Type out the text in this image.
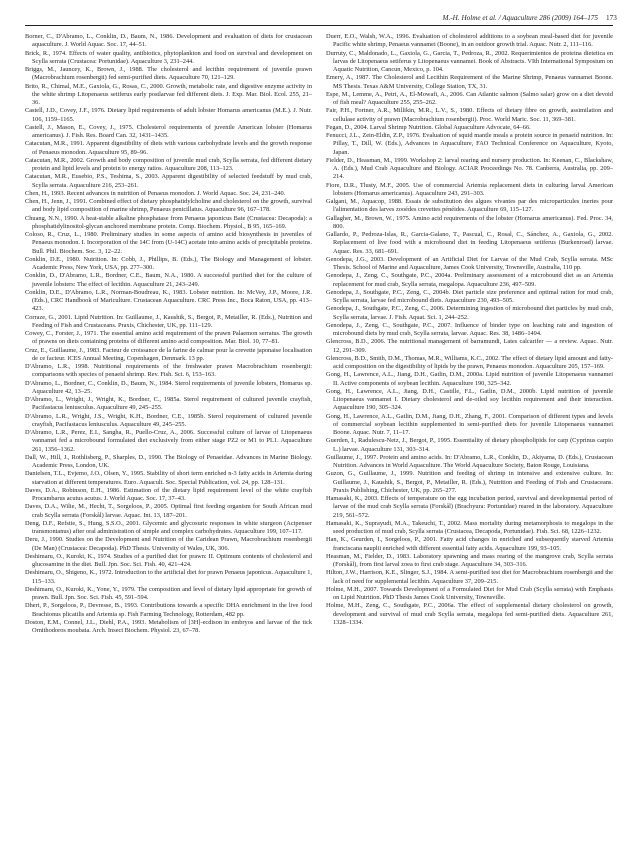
M.-H. Holme et al. / Aquaculture 286 (2009) 164–175 173

Borner, C., D'Abramo, L., Conklin, D., Baum, N., 1986. Development and evaluation of diets for crustacean aquaculture. J. World Aquac. Soc. 17, 44–51.

Brick, R., 1974. Effects of water quality, antibiotics, phytoplankton and food on survival and development on Scylla serrata (Crustacea: Portunidae). Aquaculture 3, 231–244.

Briggs, M., Jauncey, K., Brown, J., 1988. The cholesterol and lecithin requirement of juvenile prawn (Macrobrachium rosenbergii) fed semi-purified diets. Aquaculture 70, 121–129.

Brito, R., Chimal, M.E., Gaxiola, G., Rosas, C., 2000. Growth, metabolic rate, and digestive enzyme activity in the white shrimp Litopenaeus setiferus early postlarvae fed different diets. J. Exp. Mar. Biol. Ecol. 255, 21–36.

Castell, J.D., Covey, J.F., 1976. Dietary lipid requirements of adult lobster Homarus americanus (M.E.). J. Nutr. 106, 1159–1165.

Castell, J., Mason, E., Covey, J., 1975. Cholesterol requirements of juvenile American lobster (Homarus americanus). J. Fish. Res. Board Can. 32, 1431–1435.

Catacutan, M.R., 1991. Apparent digestibility of diets with various carbohydrate levels and the growth response of Penaeus monodon. Aquaculture 95, 89–96.

Catacutan, M.R., 2002. Growth and body composition of juvenile mud crab, Scylla serrata, fed different dietary protein and lipid levels and protein to energy ratios. Aquaculture 208, 113–123.

Catacutan, M.R., Eusebio, P.S., Teshima, S., 2003. Apparent digestibility of selected feedstuff by mud crab, Scylla serrata. Aquaculture 216, 253–261.

Chen, H., 1993. Recent advances in nutrition of Penaeus monodon. J. World Aquac. Soc. 24, 231–240.

Chen, H., Jenn, J., 1991. Combined effect of dietary phosphatidylcholine and cholesterol on the growth, survival and body lipid composition of marine shrimp, Penaeus penicillatus. Aquaculture 96, 167–178.

Chuang, N.N., 1990. A heat-stable alkaline phosphatase from Penaeus japonicus Bate (Crustacea: Decapoda): a phosphatidylinositol-glycan anchored membrane protein. Comp. Biochem. Physiol., B 95, 165–169.

Coloso, R., Cruz, L., 1980. Preliminary studies in some aspects of amino acid biosynthesis in juveniles of Penaeus monodon. I. Incorporation of the 14C from (U-14C) acetate into amino acids of precipitable proteins. Bull. Phil. Biochem. Soc. 3, 12–22.

Conklin, D.E., 1980. Nutrition. In: Cobb, J., Phillips, B. (Eds.), The Biology and Management of lobster. Academic Press, New York, USA, pp. 277–300.

Conklin, D., D'Abramo, L.R., Bordner, C.E., Baum, N.A., 1980. A successful purified diet for the culture of juvenile lobsters: The effect of lecithin. Aquaculture 21, 243–249.

Conklin, D.E., D'Abramo, L.R., Norman-Boudreau, K., 1983. Lobster nutrition. In: McVey, J.P., Moore, J.R. (Eds.), CRC Handbook of Mariculture. Crustacean Aquaculture. CRC Press Inc., Boca Raton, USA, pp. 413–423.

Corraze, G., 2001. Lipid Nutrition. In: Guillaume, J., Kaushik, S., Bergot, P., Metailler, R. (Eds.), Nutrition and Feeding of Fish and Crustaceans. Praxis, Chichester, UK, pp. 111–129.

Cowey, C., Forster, J., 1971. The essential amino acid requirement of the prawn Palaemon serratus. The growth of prawns on diets containing proteins of different amino acid composition. Mar. Biol. 10, 77–81.

Cruz, E., Guillaume, J., 1983. Facteur de croissance de la farine de calmar pour la crevette japonaise localisation de ce facteur. ICES Annual Meeting, Copenhagen, Denmark. 13 pp.

D'Abramo, L.R., 1998. Nutritional requirements of the freshwater prawn Macrobrachium rosenbergii: comparisons with species of penaeid shrimp. Rev. Fish. Sci. 6, 153–163.

D'Abramo, L., Bordner, C., Conklin, D., Baum, N., 1984. Sterol requirements of juvenile lobsters, Homarus sp. Aquaculture 42, 13–25.

D'Abramo, L., Wright, J., Wright, K., Bordner, C., 1985a. Sterol requirement of cultured juvenile crayfish, Pacifastacus leniusculus. Aquaculture 49, 245–255.

D'Abramo, L.R., Wright, J.S., Wright, K.H., Bordner, C.E., 1985b. Sterol requirement of cultured juvenile crayfish, Pacifastacus leniusculus. Aquaculture 49, 245–255.

D'Abramo, L.R., Perez, E.I., Sangha, R., Puello-Cruz, A., 2006. Successful culture of larvae of Litopenaeus vannamei fed a microbound formulated diet exclusively from either stage PZ2 or M1 to PL1. Aquaculture 261, 1356–1362.

Dall, W., Hill, J., Rothlisberg, P., Sharples, D., 1990. The Biology of Penaeidae. Advances in Marine Biology. Academic Press, London, UK.

Danielsen, T.L., Evjemo, J.O., Olsen, Y., 1995. Stability of short term enriched n-3 fatty acids in Artemia during starvation at different temperatures. Euro. Aquacult. Soc. Special Publication, vol. 24, pp. 128–131.

Daves, D.A., Robinson, E.H., 1986. Estimation of the dietary lipid requirement level of the white crayfish Procambarus acutus acutus. J. World Aquac. Soc. 17, 37–43.

Daves, D.A., Wilie, M., Hecht, T., Sorgeloos, P., 2005. Optimal first feeding organism for South African mud crab Scylla serrata (Forskål) larvae. Aquac. Int. 13, 187–201.

Deng, D.F., Refstie, S., Hung, S.S.O., 2001. Glycemic and glycosuric responses in white sturgeon (Acipenser transmontanus) after oral administration of simple and complex carbohydrates. Aquaculture 199, 107–117.

Deru, J., 1990. Studies on the Development and Nutrition of the Caridean Prawn, Macrobrachium rosenbergii (De Man) (Crustacea: Decapoda). PhD Thesis. University of Wales, UK, 306.

Deshimaru, O., Kuroki, K., 1974. Studies of a purified diet for prawn: II. Optimum contents of cholesterol and glucosamine in the diet. Bull. Jpn. Soc. Sci. Fish. 40, 421–424.

Deshimaru, O., Shigeno, K., 1972. Introduction to the artificial diet for prawn Penaeus japonicus. Aquaculture 1, 115–133.

Deshimaru, O., Kuroki, K., Yone, Y., 1979. The composition and level of dietary lipid appropriate for growth of prawn. Bull. Jpn. Soc. Sci. Fish. 45, 591–594.

Dhert, P., Sorgeloos, P., Devresse, B., 1993. Contributions towards a specific DHA enrichment in the live food Brachionus plicatilis and Artemia sp. Fish Farming Technology, Rotterdam, 482 pp.

Doston, E.M., Connel, J.L., Diehl, P.A., 1993. Metabolism of [3H]-ecdison in embryos and larvae of the tick Ornithodoros moubata. Arch. Insect Biochem. Physiol. 23, 67–78.

Duerr, E.O., Walsh, W.A., 1996. Evaluation of cholesterol additions to a soybean meal-based diet for juvenile Pacific white shrimp, Penaeus vannamei (Boone), in an outdoor growth trial. Aquac. Nutr. 2, 111–116.

Durruty, C., Maldonado, L., Gaxiola, G., Garcia, T., Pedroza, R., 2002. Requerimientos de proteina dietetica en larvas de Litopenaeus setiferus y Litopenaeus vannamei. Book of Abstracts. VIth International Symposium on Aquatic Nutrition, Cancun, Mexico, p. 104.

Emery, A., 1987. The Cholesterol and Lecithin Requirement of the Marine Shrimp, Penaeus vannamei Boone. MS Thesis. Texas A&M University, College Station, TX, 31.

Espe, M., Lemme, A., Petri, A., El-Mowafi, A., 2006. Can Atlantic salmon (Salmo salar) grow on a diet devoid of fish meal? Aquaculture 255, 255–262.

Fair, P.H., Fortner, A.R., Millikin, M.R., L.V., S., 1980. Effects of dietary fibre on growth, assimilation and cellulase activity of prawn (Macrobrachium rosenbergii). Proc. World Maric. Soc. 11, 369–381.

Fegan, D., 2004. Larval Shrimp Nutrition. Global Aquaculture Advocate, 64–66.

Fenucci, J.L., Zein-Eldin, Z.P., 1976. Evaluation of squid mantle meals a protein source in penaeid nutrition. In: Pillay, T., Dill, W. (Eds.), Advances in Aquaculture, FAO Technical Conference on Aquaculture, Kyoto, Japan.

Fielder, D., Heasman, M., 1999. Workshop 2: larval rearing and nursery production. In: Keenan, C., Blackshaw, A. (Eds.), Mud Crab Aquaculture and Biology. ACIAR Proceedings No. 78. Canberra, Australia, pp. 209–214.

Fiore, D.R., Tlusty, M.F., 2005. Use of commercial Artemia replacement diets in culturing larval American lobsters (Homarus americanus). Aquaculture 243, 291–303.

Galgani, M., Aquacop, 1988. Essais de substitution des algues vivantes par des microparticules inertes pour l'alimentation des larves zooédes crevettes pénéides. Aquaculture 69, 115–127.

Gallagher, M., Brown, W., 1975. Amino acid requirements of the lobster (Homarus americanus). Fed. Proc. 34, 800.

Gallardo, P., Pedroza-Islas, R., Garcia-Galano, T., Pascual, C., Rosal, C., Sánchez, A., Gaxiola, G., 2002. Replacement of live food with a microbound diet in feeding Litopenaeus setiferus (Burkenroad) larvae. Aquac. Res. 33, 681–691.

Genodepa, J.G., 2003. Development of an Artificial Diet for Larvae of the Mud Crab, Scylla serrata. MSc Thesis. School of Marine and Aquaculture, James Cook University, Townsville, Australia, 110 pp.

Genodepa, J., Zeng, C., Southgate, P.C., 2004a. Preliminary assessment of a microbound diet as an Artemia replacement for mud crab, Scylla serrata, megalopa. Aquaculture 236, 497–509.

Genodepa, J., Southgate, P.C., Zeng, C., 2004b. Diet particle size preference and optimal ration for mud crab, Scylla serrata, larvae fed microbound diets. Aquaculture 230, 493–505.

Genodepa, J., Southgate, P.C., Zeng, C., 2006. Determining ingestion of microbound diet particles by mud crab, Scylla serrata, larvae. J. Fish. Aquat. Sci. 1, 244–252.

Genodepa, J., Zeng, C., Southgate, P.C., 2007. Influence of binder type on leaching rate and ingestion of microbound diets by mud crab, Scylla serrata, larvae. Aquac. Res. 38, 1486–1494.

Glencross, B.D., 2006. The nutritional management of barramundi, Lates calcarifer — a review. Aquac. Nutr. 12, 291–309.

Glencross, B.D., Smith, D.M., Thomas, M.R., Williams, K.C., 2002. The effect of dietary lipid amount and fatty-acid composition on the digestibility of lipids by the prawn, Penaeus monodon. Aquaculture 205, 157–169.

Gong, H., Lawrence, A.L., Jiang, D.H., Gatlin, D.M., 2000a. Lipid nutrition of juvenile Litopenaeus vannamei II. Active components of soybean lecithin. Aquaculture 190, 325–342.

Gong, H., Lawrence, A.L., Jiang, D.H., Castille, F.L., Gatlin, D.M., 2000b. Lipid nutrition of juvenile Litopenaeus vannamei I. Dietary cholesterol and de-oiled soy lecithin requirement and their interaction. Aquaculture 190, 305–324.

Gong, H., Lawrence, A.L., Gatlin, D.M., Jiang, D.H., Zhang, F., 2001. Comparison of different types and levels of commercial soybean lecithin supplemented in semi-purified diets for juvenile Litopenaeus vannamei Boone. Aquac. Nutr. 7, 11–17.

Guerden, I., Radulescu-Netz, J., Bergot, P., 1995. Essentiality of dietary phospholipids for carp (Cyprinus carpio L.) larvae. Aquaculture 131, 303–314.

Guillaume, J., 1997. Protein and amino acids. In: D'Abramo, L.R., Conklin, D., Akiyama, D. (Eds.), Crustacean Nutrition. Advances in World Aquaculture. The World Aquaculture Society, Baton Rouge, Louisiana.

Guzon, G., Guillaume, J., 1999. Nutrition and feeding of shrimp in intensive and extensive culture. In: Guillaume, J., Kaushik, S., Bergot, P., Metailler, R. (Eds.), Nutrition and Feeding of Fish and Crustaceans. Praxis Publishing, Chichester, UK, pp. 265–277.

Hamasaki, K., 2003. Effects of temperature on the egg incubation period, survival and developmental period of larvae of the mud crab Scylla serrata (Forskål) (Brachyura: Portunidae) reared in the laboratory. Aquaculture 219, 561–572.

Hamasaki, K., Suprayudi, M.A., Takeuchi, T., 2002. Mass mortality during metamorphosis to megalops in the seed production of mud crab, Scylla serrata (Crustacea, Decapoda, Portunidae). Fish. Sci. 68, 1226–1232.

Han, K., Geurden, I., Sorgeloos, P., 2001. Fatty acid changes in enriched and subsequently starved Artemia franciscana nauplii enriched with different essential fatty acids. Aquaculture 199, 93–105.

Heasman, M., Fielder, D., 1983. Laboratory spawning and mass rearing of the mangrove crab, Scylla serrata (Forskål), from first larval zoea to first crab stage. Aquaculture 34, 303–316.

Hilton, J.W., Harrison, K.E., Slinger, S.J., 1984. A semi-purified test diet for Macrobrachium rosenbergii and the lack of need for supplemental lecithin. Aquaculture 37, 209–215.

Holme, M.H., 2007. Towards Development of a Formulated Diet for Mud Crab (Scylla serrata) with Emphasis on Lipid Nutrition. PhD Thesis James Cook University, Townsville.

Holme, M.H., Zeng, C., Southgate, P.C., 2006a. The effect of supplemental dietary cholesterol on growth, development and survival of mud crab Scylla serrata, megalopa fed semi-purified diets. Aquaculture 261, 1328–1334.
